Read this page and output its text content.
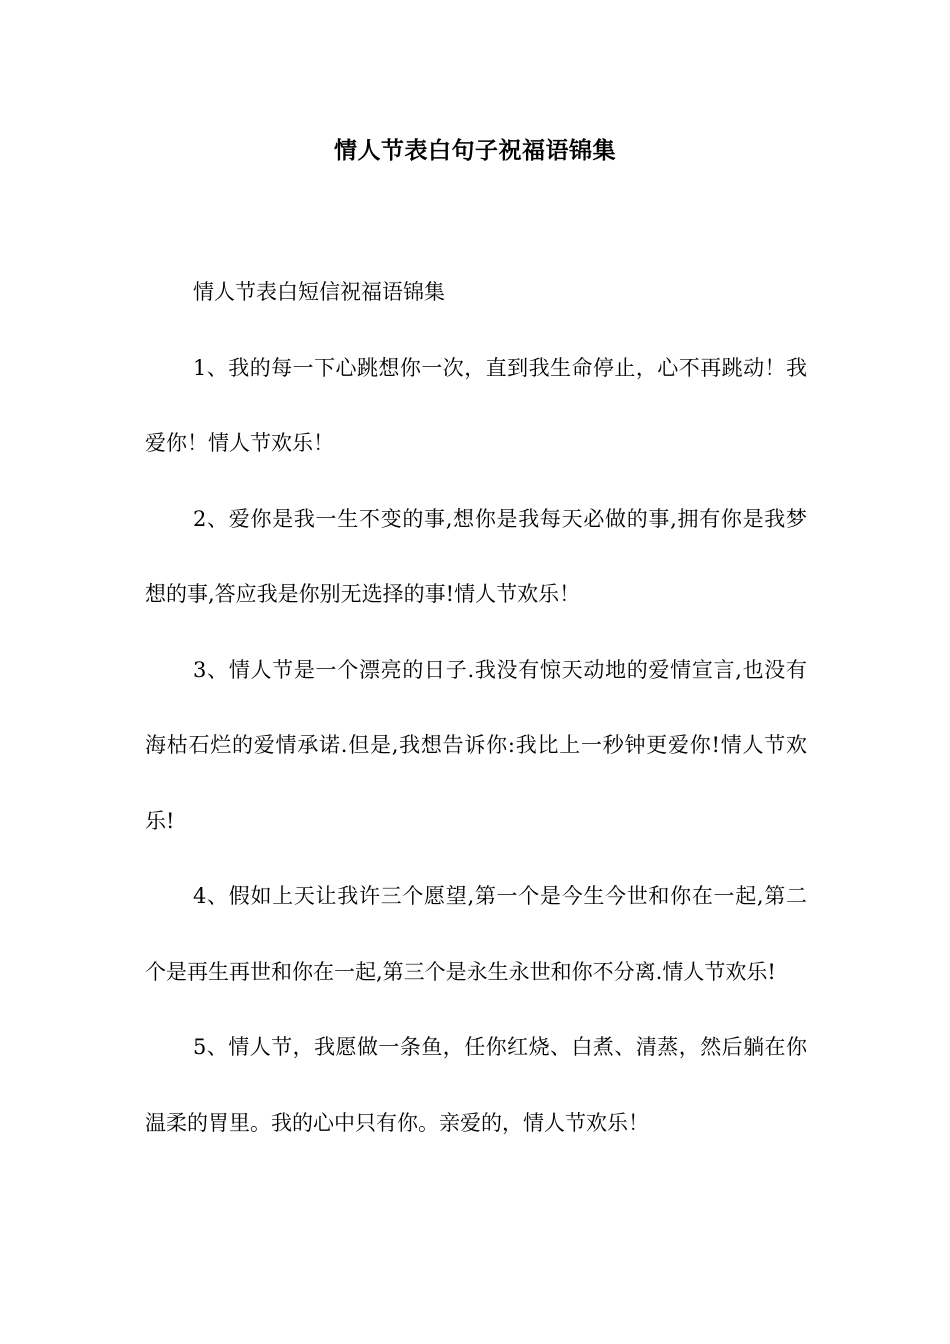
情人节表白句子祝福语锦集

情人节表白短信祝福语锦集

1、我的每一下心跳想你一次，直到我生命停止，心不再跳动！我爱你！情人节欢乐！

2、爱你是我一生不变的事,想你是我每天必做的事,拥有你是我梦想的事,答应我是你别无选择的事!情人节欢乐！

3、情人节是一个漂亮的日子.我没有惊天动地的爱情宣言,也没有海枯石烂的爱情承诺.但是,我想告诉你:我比上一秒钟更爱你!情人节欢乐!

4、假如上天让我许三个愿望,第一个是今生今世和你在一起,第二个是再生再世和你在一起,第三个是永生永世和你不分离.情人节欢乐!

5、情人节，我愿做一条鱼，任你红烧、白煮、清蒸，然后躺在你温柔的胃里。我的心中只有你。亲爱的，情人节欢乐！
